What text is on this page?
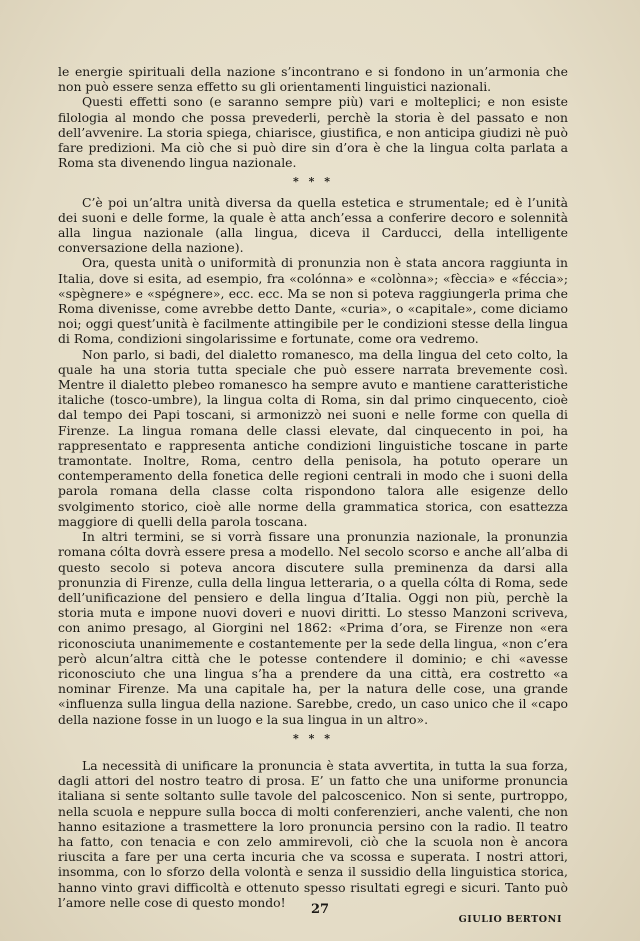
le energie spirituali della nazione s’incontrano e si fondono in un’armonia che non può essere senza effetto su gli orientamenti linguistici nazionali.

Questi effetti sono (e saranno sempre più) vari e molteplici; e non esiste filologia al mondo che possa prevederli, perchè la storia è del passato e non dell’avvenire. La storia spiega, chiarisce, giustifica, e non anticipa giudizi nè può fare predizioni. Ma ciò che si può dire sin d’ora è che la lingua colta parlata a Roma sta divenendo lingua nazionale.

* * *

C’è poi un’altra unità diversa da quella estetica e strumentale; ed è l’unità dei suoni e delle forme, la quale è atta anch’essa a conferire decoro e solennità alla lingua nazionale (alla lingua, diceva il Carducci, della intelligente conversazione della nazione).

Ora, questa unità o uniformità di pronunzia non è stata ancora raggiunta in Italia, dove si esita, ad esempio, fra «colónna» e «colònna»; «fèccia» e «féccia»; «spègnere» e «spégnere», ecc. ecc. Ma se non si poteva raggiungerla prima che Roma divenisse, come avrebbe detto Dante, «curia», o «capitale», come diciamo noi; oggi quest’unità è facilmente attingibile per le condizioni stesse della lingua di Roma, condizioni singolarissime e fortunate, come ora vedremo.

Non parlo, si badi, del dialetto romanesco, ma della lingua del ceto colto, la quale ha una storia tutta speciale che può essere narrata brevemente così. Mentre il dialetto plebeo romanesco ha sempre avuto e mantiene caratteristiche italiche (tosco-umbre), la lingua colta di Roma, sin dal primo cinquecento, cioè dal tempo dei Papi toscani, si armonizzò nei suoni e nelle forme con quella di Firenze. La lingua romana delle classi elevate, dal cinquecento in poi, ha rappresentato e rappresenta antiche condizioni linguistiche toscane in parte tramontate. Inoltre, Roma, centro della penisola, ha potuto operare un contemperamento della fonetica delle regioni centrali in modo che i suoni della parola romana della classe colta rispondono talora alle esigenze dello svolgimento storico, cioè alle norme della grammatica storica, con esattezza maggiore di quelli della parola toscana.

In altri termini, se si vorrà fissare una pronunzia nazionale, la pronunzia romana cólta dovrà essere presa a modello. Nel secolo scorso e anche all’alba di questo secolo si poteva ancora discutere sulla preminenza da darsi alla pronunzia di Firenze, culla della lingua letteraria, o a quella cólta di Roma, sede dell’unificazione del pensiero e della lingua d’Italia. Oggi non più, perchè la storia muta e impone nuovi doveri e nuovi diritti. Lo stesso Manzoni scriveva, con animo presago, al Giorgini nel 1862: «Prima d’ora, se Firenze non «era riconosciuta unanimemente e costantemente per la sede della lingua, «non c’era però alcun’altra città che le potesse contendere il dominio; e chi «avesse riconosciuto che una lingua s’ha a prendere da una città, era costretto «a nominar Firenze. Ma una capitale ha, per la natura delle cose, una grande «influenza sulla lingua della nazione. Sarebbe, credo, un caso unico che il «capo della nazione fosse in un luogo e la sua lingua in un altro».

* * *

La necessità di unificare la pronuncia è stata avvertita, in tutta la sua forza, dagli attori del nostro teatro di prosa. E’ un fatto che una uniforme pronuncia italiana si sente soltanto sulle tavole del palcoscenico. Non si sente, purtroppo, nella scuola e neppure sulla bocca di molti conferenzieri, anche valenti, che non hanno esitazione a trasmettere la loro pronuncia persino con la radio. Il teatro ha fatto, con tenacia e con zelo ammirevoli, ciò che la scuola non è ancora riuscita a fare per una certa incuria che va scossa e superata. I nostri attori, insomma, con lo sforzo della volontà e senza il sussidio della linguistica storica, hanno vinto gravi difficoltà e ottenuto spesso risultati egregi e sicuri. Tanto può l’amore nelle cose di questo mondo!

GIULIO BERTONI
27
